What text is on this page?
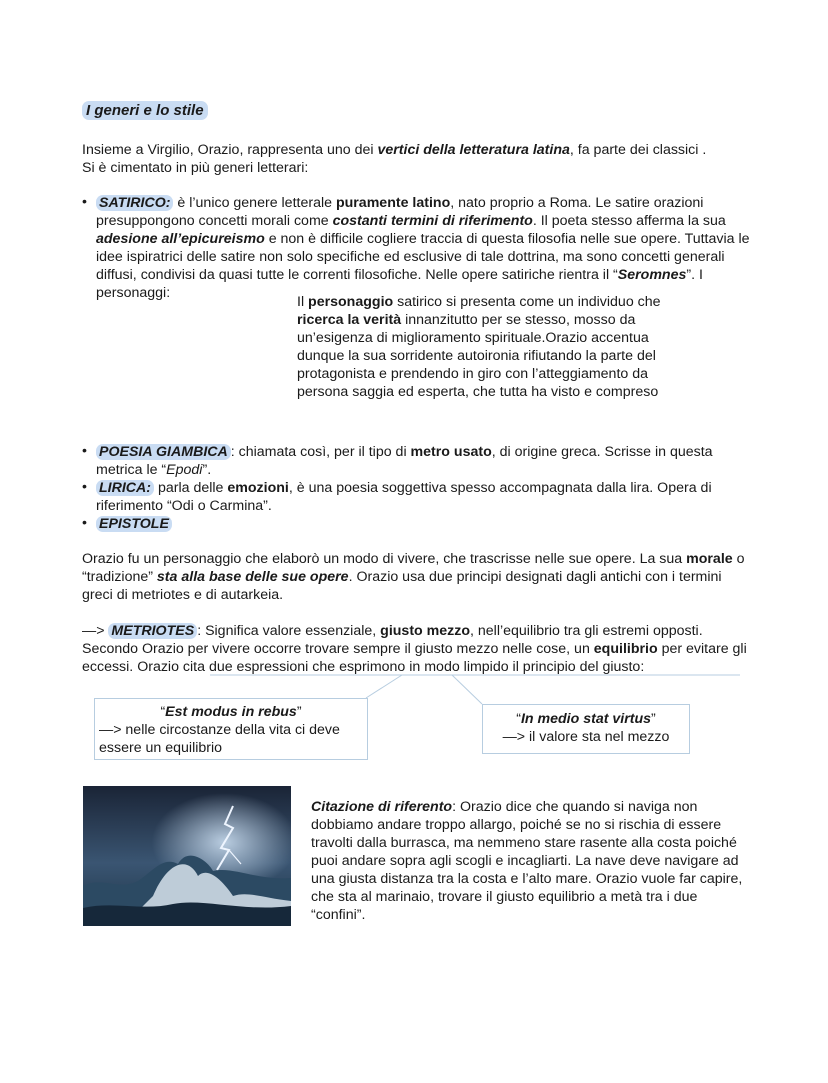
I generi e lo stile

Insieme a Virgilio, Orazio, rappresenta uno dei vertici della letteratura latina, fa parte dei classici .
Si è cimentato in più generi letterari:

• SATIRICO: è l’unico genere letterale puramente latino, nato proprio a Roma. Le satire orazioni presuppongono concetti morali come costanti termini di riferimento. Il poeta stesso afferma la sua adesione all’epicureismo e non è difficile cogliere traccia di questa filosofia nelle sue opere. Tuttavia le idee ispiratrici delle satire non solo specifiche ed esclusive di tale dottrina, ma sono concetti generali diffusi, condivisi da quasi tutte le correnti filosofiche. Nelle opere satiriche rientra il “Seromnes”. I personaggi:

Il personaggio satirico si presenta come un individuo che ricerca la verità innanzitutto per se stesso, mosso da un’esigenza di miglioramento spirituale.Orazio accentua dunque la sua sorridente autoironia rifiutando la parte del protagonista e prendendo in giro con l’atteggiamento da persona saggia ed esperta, che tutta ha visto e compreso

• POESIA GIAMBICA : chiamata così, per il tipo di metro usato, di origine greca. Scrisse in questa metrica le “Epodi”.

• LIRICA: parla delle emozioni, è una poesia soggettiva spesso accompagnata dalla lira. Opera di riferimento “Odi o Carmina”.

• EPISTOLE

Orazio fu un personaggio che elaborò un modo di vivere, che trascrisse nelle sue opere. La sua morale o “tradizione” sta alla base delle sue opere. Orazio usa due principi designati dagli antichi con i termini greci di metriotes e di autarkeia.

—> METRIOTES : Significa valore essenziale, giusto mezzo, nell’equilibrio tra gli estremi opposti. Secondo Orazio per vivere occorre trovare sempre il giusto mezzo nelle cose, un equilibrio per evitare gli eccessi. Orazio cita due espressioni che esprimono in modo limpido il principio del giusto:

“Est modus in rebus”

—> nelle circostanze della vita ci deve essere un equilibrio

“In medio stat virtus”

—> il valore sta nel mezzo

Citazione di riferento: Orazio dice che quando si naviga non dobbiamo andare troppo allargo, poiché se no si rischia di essere travolti dalla burrasca, ma nemmeno stare rasente alla costa poiché puoi andare sopra agli scogli e incagliarti. La nave deve navigare ad una giusta distanza tra la costa e l’alto mare. Orazio vuole far capire, che sta al marinaio, trovare il giusto equilibrio a metà tra i due “confini”.
